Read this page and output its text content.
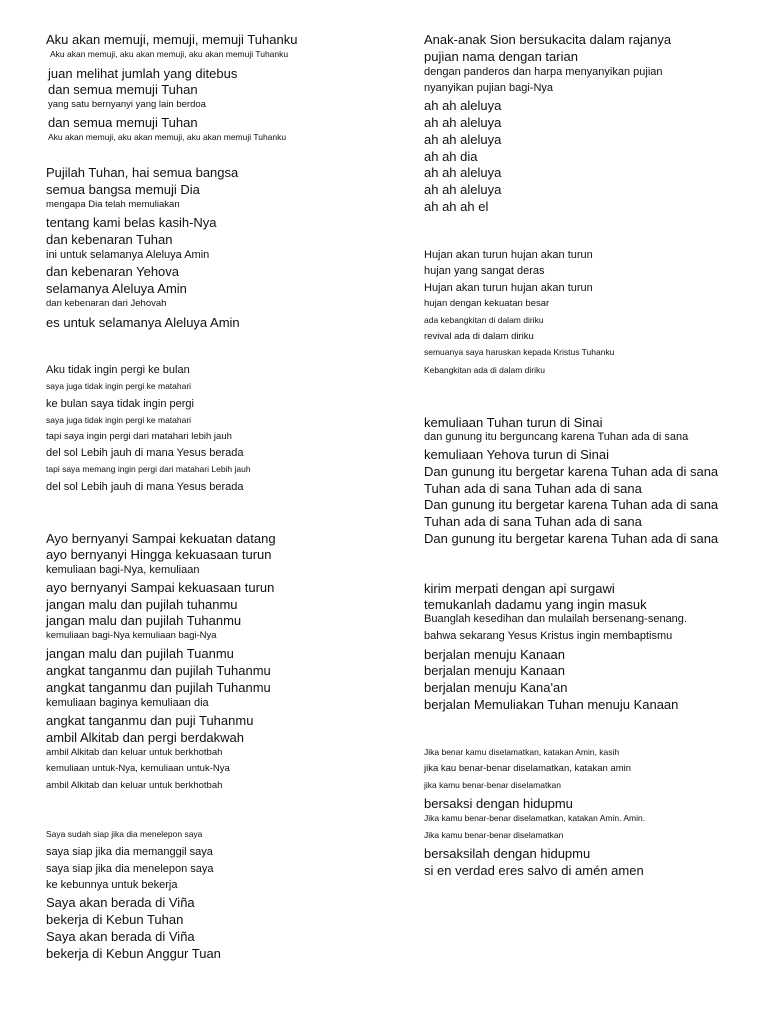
Aku akan memuji, memuji, memuji Tuhanku
Aku akan memuji, aku akan memuji, aku akan memuji Tuhanku
juan melihat jumlah yang ditebus
dan semua memuji Tuhan
yang satu bernyanyi yang lain berdoa
dan semua memuji Tuhan
Aku akan memuji, aku akan memuji, aku akan memuji Tuhanku
Pujilah Tuhan, hai semua bangsa
semua bangsa memuji Dia
mengapa Dia telah memuliakan
tentang kami belas kasih-Nya
dan kebenaran Tuhan
ini untuk selamanya Aleluya Amin
dan kebenaran Yehova
selamanya Aleluya Amin
dan kebenaran dari Jehovah
es untuk selamanya Aleluya Amin
Aku tidak ingin pergi ke bulan
saya juga tidak ingin pergi ke matahari
ke bulan saya tidak ingin pergi
saya juga tidak ingin pergi ke matahari
tapi saya ingin pergi dari matahari lebih jauh
del sol Lebih jauh di mana Yesus berada
tapi saya memang ingin pergi dari matahari Lebih jauh
del sol Lebih jauh di mana Yesus berada
Ayo bernyanyi Sampai kekuatan datang
ayo bernyanyi Hingga kekuasaan turun
kemuliaan bagi-Nya, kemuliaan
ayo bernyanyi Sampai kekuasaan turun
jangan malu dan pujilah tuhanmu
jangan malu dan pujilah Tuhanmu
kemuliaan bagi-Nya kemuliaan bagi-Nya
jangan malu dan pujilah Tuanmu
angkat tanganmu dan pujilah Tuhanmu
angkat tanganmu dan pujilah Tuhanmu
kemuliaan baginya kemuliaan dia
angkat tanganmu dan puji Tuhanmu
ambil Alkitab dan pergi berdakwah
ambil Alkitab dan keluar untuk berkhotbah
kemuliaan untuk-Nya, kemuliaan untuk-Nya
ambil Alkitab dan keluar untuk berkhotbah
Saya sudah siap jika dia menelepon saya
saya siap jika dia memanggil saya
saya siap jika dia menelepon saya
ke kebunnya untuk bekerja
Saya akan berada di Viña
bekerja di Kebun Tuhan
Saya akan berada di Viña
bekerja di Kebun Anggur Tuan
Anak-anak Sion bersukacita dalam rajanya
pujian nama dengan tarian
dengan panderos dan harpa menyanyikan pujian
nyanyikan pujian bagi-Nya
ah ah aleluya
ah ah aleluya
ah ah aleluya
ah ah dia
ah ah aleluya
ah ah aleluya
ah ah ah el
Hujan akan turun hujan akan turun
hujan yang sangat deras
Hujan akan turun hujan akan turun
hujan dengan kekuatan besar
ada kebangkitan di dalam diriku
revival ada di dalam diriku
semuanya saya haruskan kepada Kristus Tuhanku
Kebangkitan ada di dalam diriku
kemuliaan Tuhan turun di Sinai
dan gunung itu berguncang karena Tuhan ada di sana
kemuliaan Yehova turun di Sinai
Dan gunung itu bergetar karena Tuhan ada di sana
Tuhan ada di sana Tuhan ada di sana
Dan gunung itu bergetar karena Tuhan ada di sana
Tuhan ada di sana Tuhan ada di sana
Dan gunung itu bergetar karena Tuhan ada di sana
kirim merpati dengan api surgawi
temukanlah dadamu yang ingin masuk
Buanglah kesedihan dan mulailah bersenang-senang.
bahwa sekarang Yesus Kristus ingin membaptismu
berjalan menuju Kanaan
berjalan menuju Kanaan
berjalan menuju Kana'an
berjalan Memuliakan Tuhan menuju Kanaan
Jika benar kamu diselamatkan, katakan Amin, kasih
jika kau benar-benar diselamatkan, katakan amin
jika kamu benar-benar diselamatkan
bersaksi dengan hidupmu
Jika kamu benar-benar diselamatkan, katakan Amin. Amin.
Jika kamu benar-benar diselamatkan
bersaksilah dengan hidupmu
si en verdad eres salvo di amén amen
